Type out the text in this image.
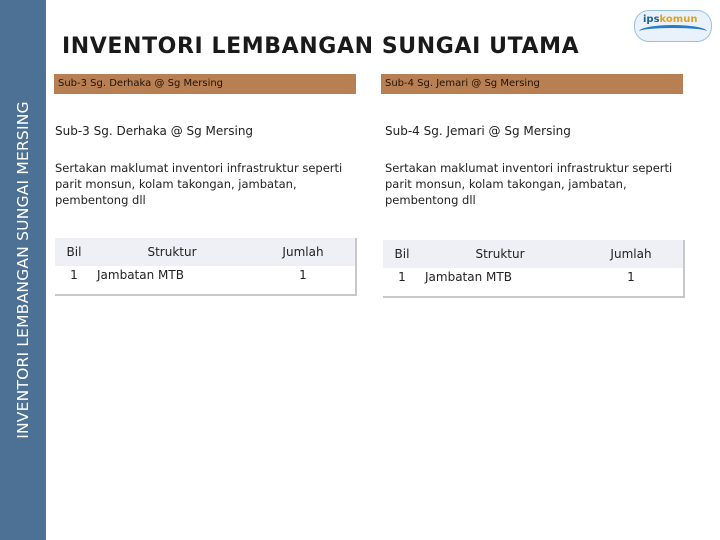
INVENTORI LEMBANGAN SUNGAI MERSING
INVENTORI LEMBANGAN SUNGAI UTAMA
ipskomun
Sub-3 Sg. Derhaka @ Sg Mersing
Sub-3 Sg. Derhaka @ Sg Mersing
Sertakan maklumat inventori infrastruktur seperti parit monsun, kolam takongan, jambatan, pembentong dll
Bil	Struktur	Jumlah
1	Jambatan MTB	1
Sub-4 Sg. Jemari @ Sg Mersing
Sub-4 Sg. Jemari @ Sg Mersing
Sertakan maklumat inventori infrastruktur seperti parit monsun, kolam takongan, jambatan, pembentong dll
Bil	Struktur	Jumlah
1	Jambatan MTB	1
